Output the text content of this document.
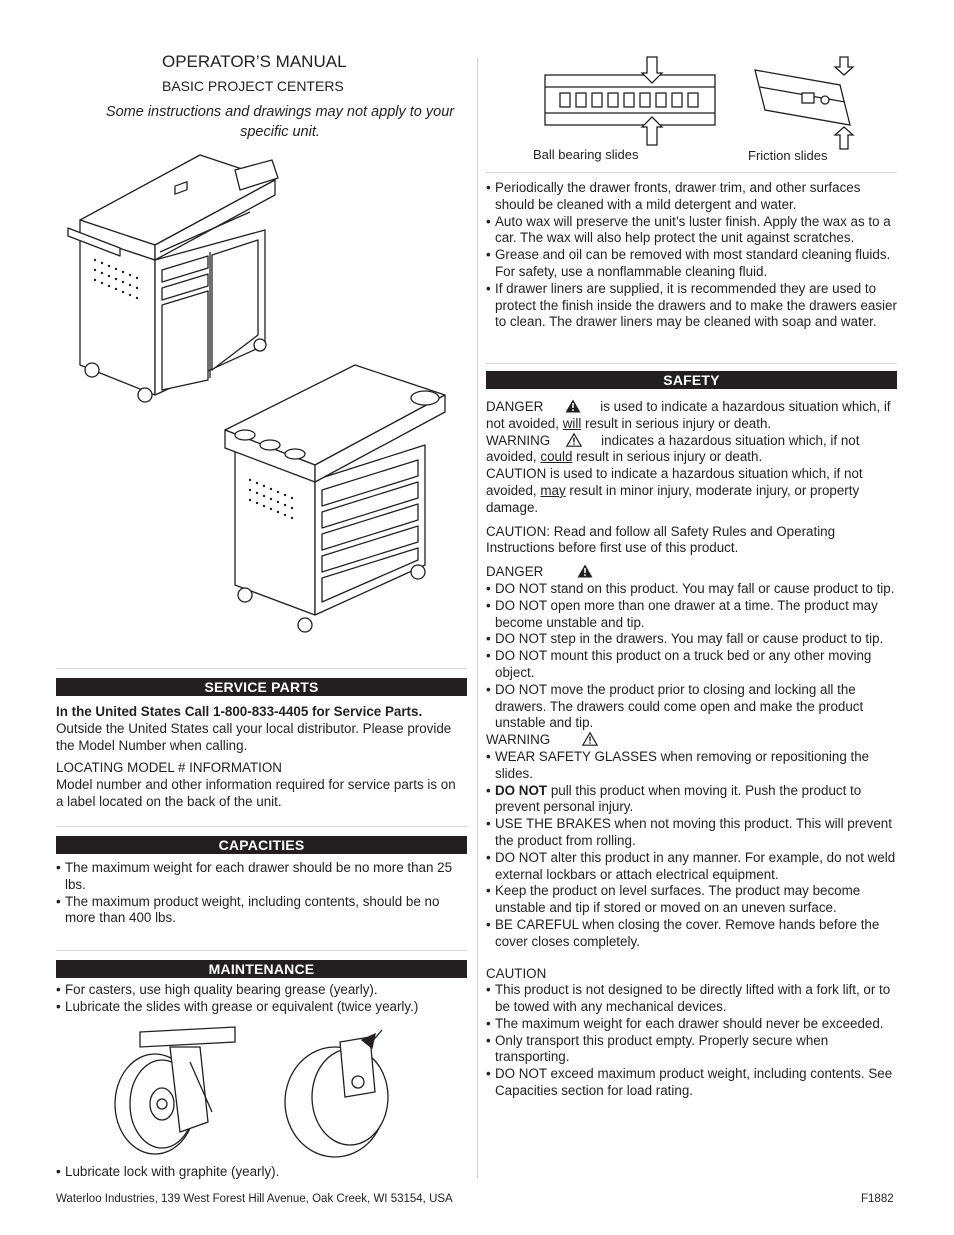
OPERATOR’S MANUAL
BASIC PROJECT CENTERS
Some instructions and drawings may not apply to your specific unit.
SERVICE PARTS
In the United States Call 1-800-833-4405 for Service Parts.
Outside the United States call your local distributor. Please provide the Model Number when calling.
LOCATING MODEL # INFORMATION
Model number and other information required for service parts is on a label located on the back of the unit.
CAPACITIES
• The maximum weight for each drawer should be no more than 25 lbs.
• The maximum product weight, including contents, should be no more than 400 lbs.
MAINTENANCE
• For casters, use high quality bearing grease (yearly).
• Lubricate the slides with grease or equivalent (twice yearly.)
• Lubricate lock with graphite (yearly).
Ball bearing slides	Friction slides
• Periodically the drawer fronts, drawer trim, and other surfaces should be cleaned with a mild detergent and water.
• Auto wax will preserve the unit’s luster finish. Apply the wax as to a car. The wax will also help protect the unit against scratches.
• Grease and oil can be removed with most standard cleaning fluids. For safety, use a nonflammable cleaning fluid.
• If drawer liners are supplied, it is recommended they are used to protect the finish inside the drawers and to make the drawers easier to clean. The drawer liners may be cleaned with soap and water.
SAFETY
DANGER	is used to indicate a hazardous situation which, if not avoided, will result in serious injury or death.
WARNING	indicates a hazardous situation which, if not avoided, could result in serious injury or death.
CAUTION is used to indicate a hazardous situation which, if not avoided, may result in minor injury, moderate injury, or property damage.
CAUTION: Read and follow all Safety Rules and Operating Instructions before first use of this product.
DANGER
• DO NOT stand on this product. You may fall or cause product to tip.
• DO NOT open more than one drawer at a time. The product may become unstable and tip.
• DO NOT step in the drawers. You may fall or cause product to tip.
• DO NOT mount this product on a truck bed or any other moving object.
• DO NOT move the product prior to closing and locking all the drawers. The drawers could come open and make the product unstable and tip.
WARNING
• WEAR SAFETY GLASSES when removing or repositioning the slides.
• DO NOT pull this product when moving it. Push the product to prevent personal injury.
• USE THE BRAKES when not moving this product. This will prevent the product from rolling.
• DO NOT alter this product in any manner. For example, do not weld external lockbars or attach electrical equipment.
• Keep the product on level surfaces. The product may become unstable and tip if stored or moved on an uneven surface.
• BE CAREFUL when closing the cover. Remove hands before the cover closes completely.
CAUTION
• This product is not designed to be directly lifted with a fork lift, or to be towed with any mechanical devices.
• The maximum weight for each drawer should never be exceeded.
• Only transport this product empty. Properly secure when transporting.
• DO NOT exceed maximum product weight, including contents. See Capacities section for load rating.
Waterloo Industries, 139 West Forest Hill Avenue, Oak Creek, WI 53154, USA	F1882
